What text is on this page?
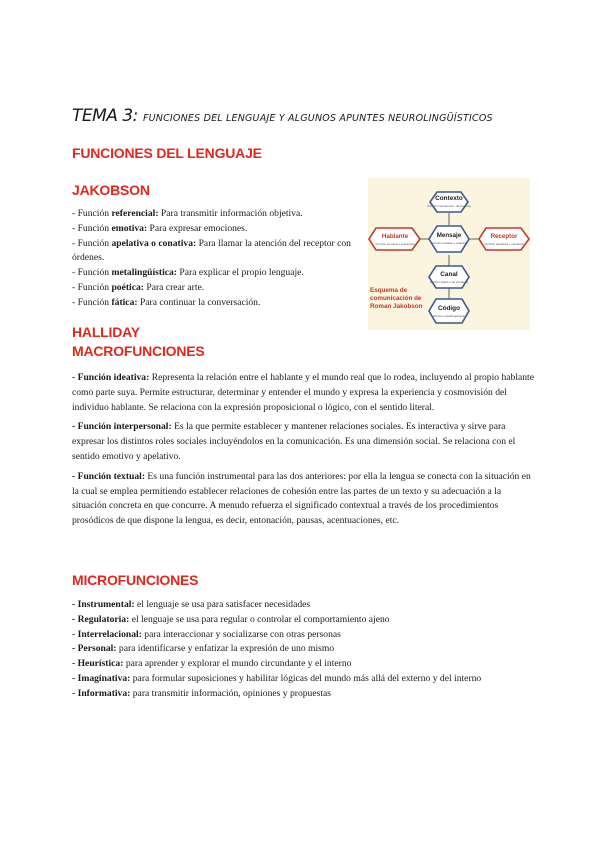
TEMA 3: FUNCIONES DEL LENGUAJE Y ALGUNOS APUNTES NEUROLINGÜÍSTICOS
FUNCIONES DEL LENGUAJE
JAKOBSON

- Función referencial: Para transmitir información objetiva.

- Función emotiva: Para expresar emociones.

- Función apelativa o conativa: Para llamar la atención del receptor con órdenes.

- Función metalingüística: Para explicar el propio lenguaje.

- Función poética: Para crear arte.

- Función fática: Para continuar la conversación.

Contexto
(función referencial o denotativa)
Hablante
(función emotiva o expresiva)
Mensaje
(función poética o estética)
Receptor
(función apelativa o conativa)
Canal
(función fática o de contacto)
Código
(función metalingüística)
Esquema de comunicación de Roman Jakobson
HALLIDAY
MACROFUNCIONES

- Función ideativa: Representa la relación entre el hablante y el mundo real que lo rodea, incluyendo al propio hablante como parte suya. Permite estructurar, determinar y entender el mundo y expresa la experiencia y cosmovisión del individuo hablante. Se relaciona con la expresión proposicional o lógico, con el sentido literal.

- Función interpersonal: Es la que permite establecer y mantener relaciones sociales. Es interactiva y sirve para expresar los distintos roles sociales incluyéndolos en la comunicación. Es una dimensión social. Se relaciona con el sentido emotivo y apelativo.

- Función textual: Es una función instrumental para las dos anteriores: por ella la lengua se conecta con la situación en la cual se emplea permitiendo establecer relaciones de cohesión entre las partes de un texto y su adecuación a la situación concreta en que concurre. A menudo refuerza el significado contextual a través de los procedimientos prosódicos de que dispone la lengua, es decir, entonación, pausas, acentuaciones, etc.

MICROFUNCIONES

- Instrumental: el lenguaje se usa para satisfacer necesidades

- Regulatoria: el lenguaje se usa para regular o controlar el comportamiento ajeno

- Interrelacional: para interaccionar y socializarse con otras personas

- Personal: para identificarse y enfatizar la expresión de uno mismo

- Heurística: para aprender y explorar el mundo circundante y el interno

- Imaginativa: para formular suposiciones y habilitar lógicas del mundo más allá del externo y del interno

- Informativa: para transmitir información, opiniones y propuestas
